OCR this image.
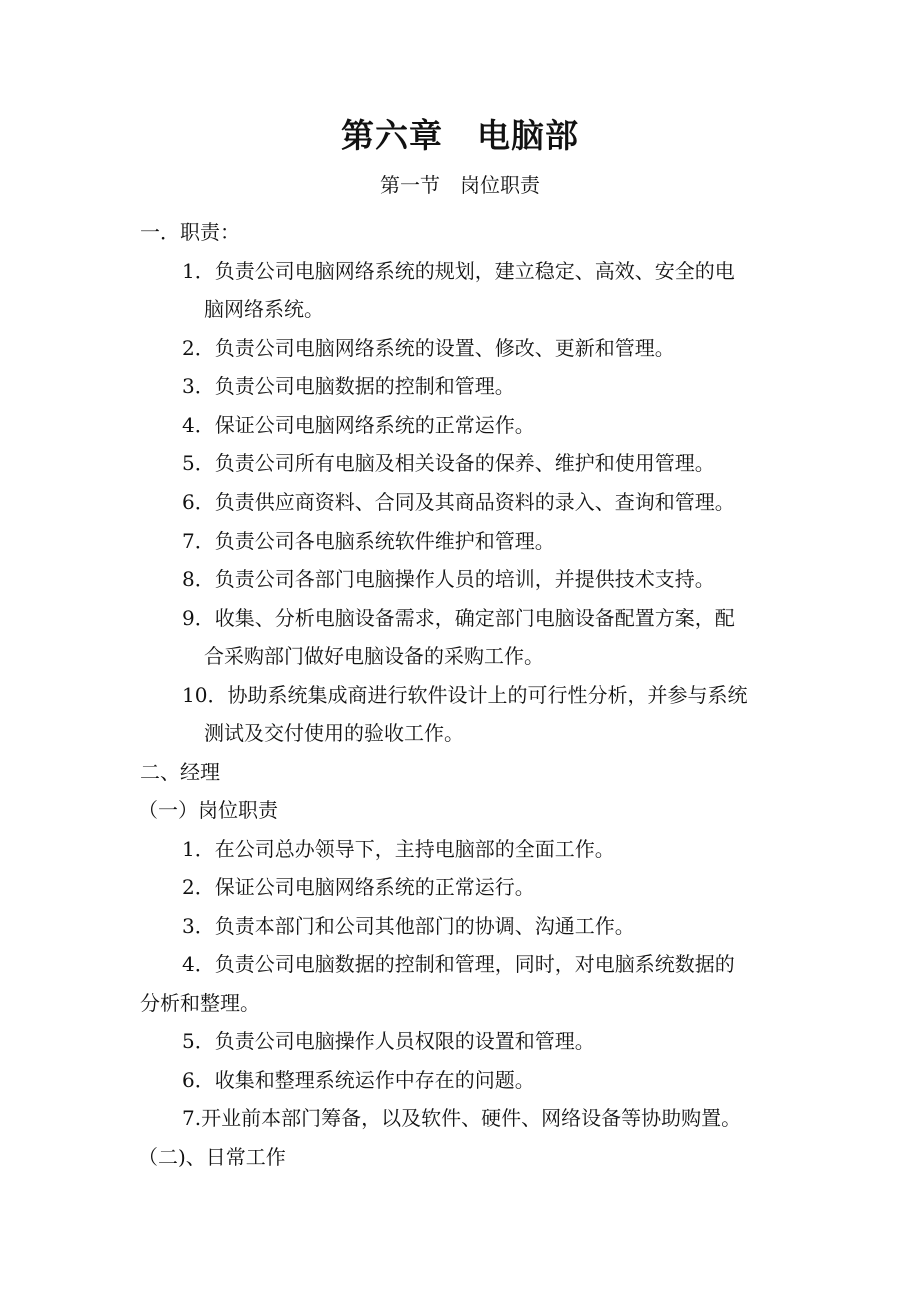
第六章　电脑部
第一节　岗位职责
一．职责：
1．负责公司电脑网络系统的规划，建立稳定、高效、安全的电
脑网络系统。
2．负责公司电脑网络系统的设置、修改、更新和管理。
3．负责公司电脑数据的控制和管理。
4．保证公司电脑网络系统的正常运作。
5．负责公司所有电脑及相关设备的保养、维护和使用管理。
6．负责供应商资料、合同及其商品资料的录入、查询和管理。
7．负责公司各电脑系统软件维护和管理。
8．负责公司各部门电脑操作人员的培训，并提供技术支持。
9．收集、分析电脑设备需求，确定部门电脑设备配置方案，配
合采购部门做好电脑设备的采购工作。
10．协助系统集成商进行软件设计上的可行性分析，并参与系统
测试及交付使用的验收工作。
二、经理
（一）岗位职责
1．在公司总办领导下，主持电脑部的全面工作。
2．保证公司电脑网络系统的正常运行。
3．负责本部门和公司其他部门的协调、沟通工作。
4．负责公司电脑数据的控制和管理，同时，对电脑系统数据的
分析和整理。
5．负责公司电脑操作人员权限的设置和管理。
6．收集和整理系统运作中存在的问题。
7.开业前本部门筹备，以及软件、硬件、网络设备等协助购置。
（二)、日常工作
